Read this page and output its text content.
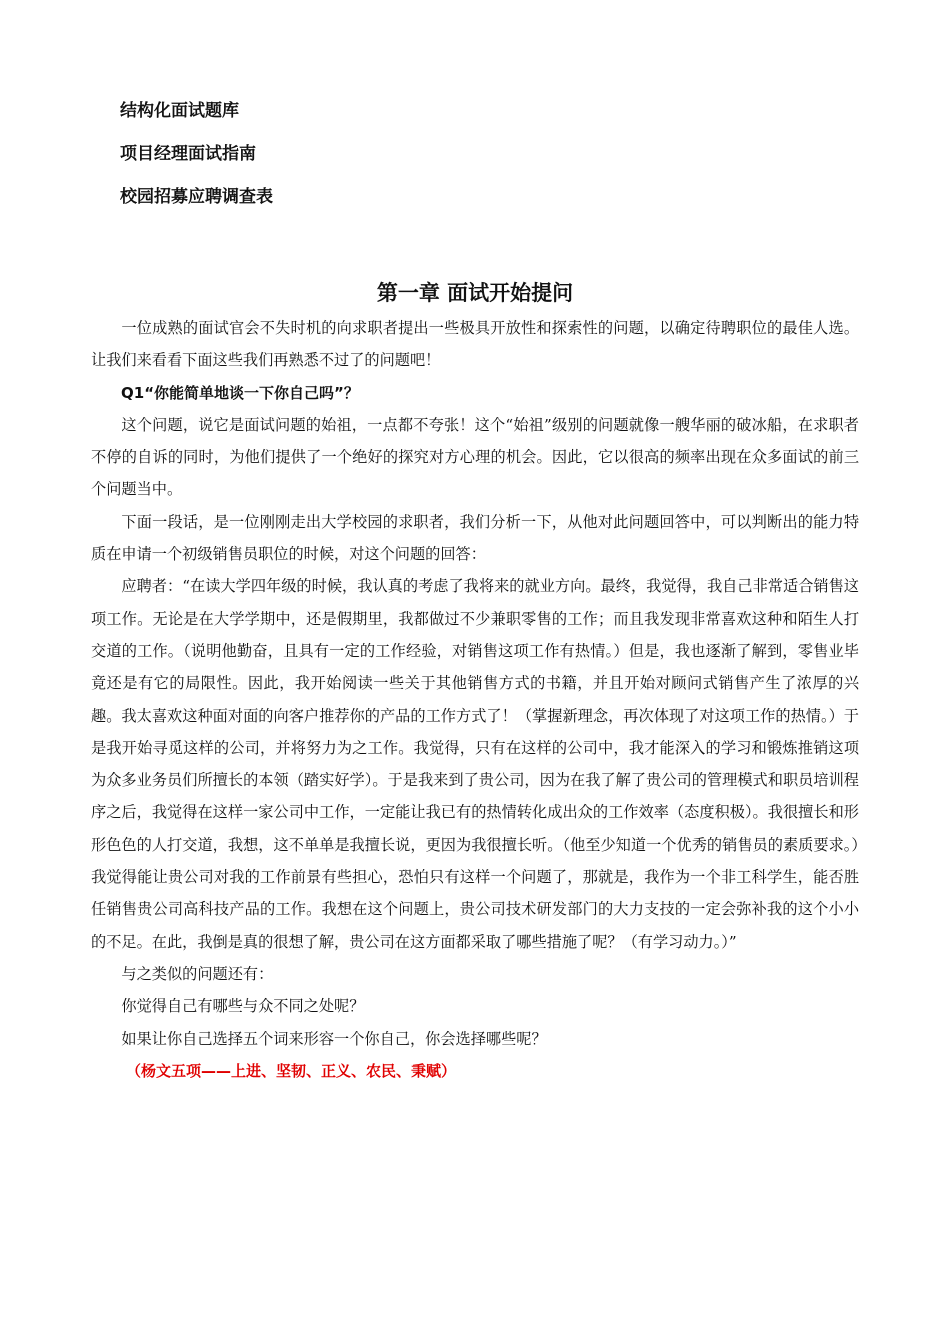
结构化面试题库
项目经理面试指南
校园招募应聘调查表
第一章 面试开始提问

一位成熟的面试官会不失时机的向求职者提出一些极具开放性和探索性的问题，以确定待聘职位的最佳人选。让我们来看看下面这些我们再熟悉不过了的问题吧！

Q1“你能简单地谈一下你自己吗”？

这个问题，说它是面试问题的始祖，一点都不夸张！这个“始祖”级别的问题就像一艘华丽的破冰船，在求职者不停的自诉的同时，为他们提供了一个绝好的探究对方心理的机会。因此，它以很高的频率出现在众多面试的前三个问题当中。

下面一段话，是一位刚刚走出大学校园的求职者，我们分析一下，从他对此问题回答中，可以判断出的能力特质在申请一个初级销售员职位的时候，对这个问题的回答：

应聘者：“在读大学四年级的时候，我认真的考虑了我将来的就业方向。最终，我觉得，我自己非常适合销售这项工作。无论是在大学学期中，还是假期里，我都做过不少兼职零售的工作；而且我发现非常喜欢这种和陌生人打交道的工作。（说明他勤奋，且具有一定的工作经验，对销售这项工作有热情。）但是，我也逐渐了解到，零售业毕竟还是有它的局限性。因此，我开始阅读一些关于其他销售方式的书籍，并且开始对顾问式销售产生了浓厚的兴趣。我太喜欢这种面对面的向客户推荐你的产品的工作方式了！（掌握新理念，再次体现了对这项工作的热情。）于是我开始寻觅这样的公司，并将努力为之工作。我觉得，只有在这样的公司中，我才能深入的学习和锻炼推销这项为众多业务员们所擅长的本领（踏实好学）。于是我来到了贵公司，因为在我了解了贵公司的管理模式和职员培训程序之后，我觉得在这样一家公司中工作，一定能让我已有的热情转化成出众的工作效率（态度积极）。我很擅长和形形色色的人打交道，我想，这不单单是我擅长说，更因为我很擅长听。（他至少知道一个优秀的销售员的素质要求。）我觉得能让贵公司对我的工作前景有些担心，恐怕只有这样一个问题了，那就是，我作为一个非工科学生，能否胜任销售贵公司高科技产品的工作。我想在这个问题上，贵公司技术研发部门的大力支技的一定会弥补我的这个小小的不足。在此，我倒是真的很想了解，贵公司在这方面都采取了哪些措施了呢？（有学习动力。）”

与之类似的问题还有：

你觉得自己有哪些与众不同之处呢？

如果让你自己选择五个词来形容一个你自己，你会选择哪些呢？

（杨文五项——上进、坚韧、正义、农民、秉赋）
